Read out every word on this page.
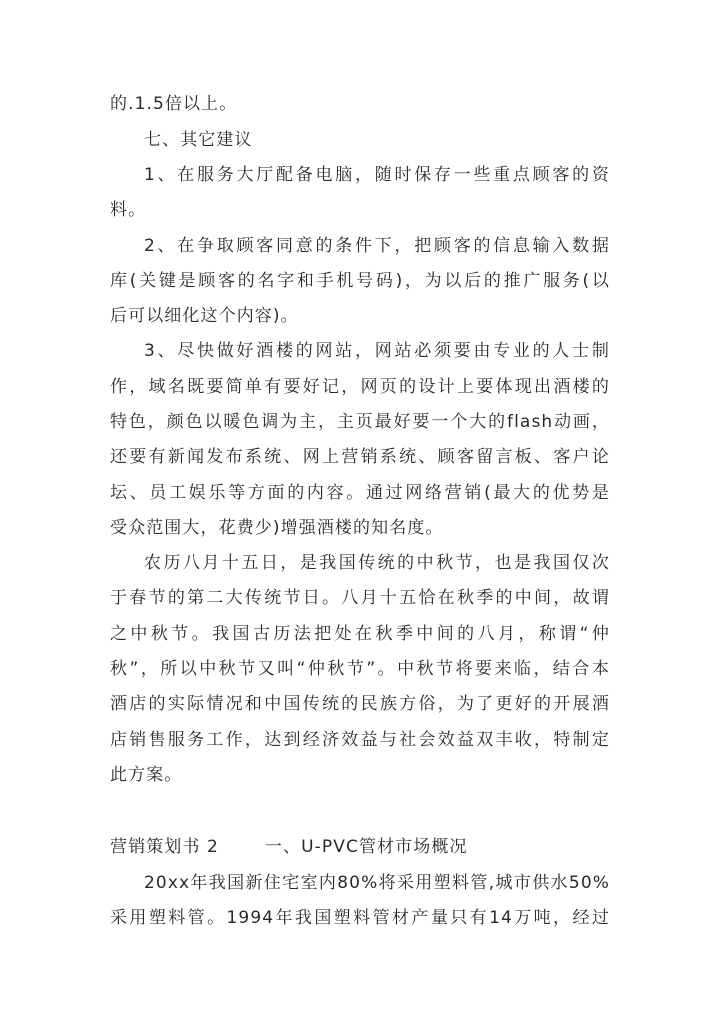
的.1.5倍以上。
七、其它建议
1、在服务大厅配备电脑，随时保存一些重点顾客的资
料。
2、在争取顾客同意的条件下，把顾客的信息输入数据
库(关键是顾客的名字和手机号码)，为以后的推广服务(以
后可以细化这个内容)。
3、尽快做好酒楼的网站，网站必须要由专业的人士制
作，域名既要简单有要好记，网页的设计上要体现出酒楼的
特色，颜色以暖色调为主，主页最好要一个大的flash动画，
还要有新闻发布系统、网上营销系统、顾客留言板、客户论
坛、员工娱乐等方面的内容。通过网络营销(最大的优势是
受众范围大，花费少)增强酒楼的知名度。
农历八月十五日，是我国传统的中秋节，也是我国仅次
于春节的第二大传统节日。八月十五恰在秋季的中间，故谓
之中秋节。我国古历法把处在秋季中间的八月，称谓“仲
秋”，所以中秋节又叫“仲秋节”。中秋节将要来临，结合本
酒店的实际情况和中国传统的民族方俗，为了更好的开展酒
店销售服务工作，达到经济效益与社会效益双丰收，特制定
此方案。
营销策划书 2	一、U-PVC管材市场概况
20xx年我国新住宅室内80%将采用塑料管,城市供水50%
采用塑料管。1994年我国塑料管材产量只有14万吨，经过
